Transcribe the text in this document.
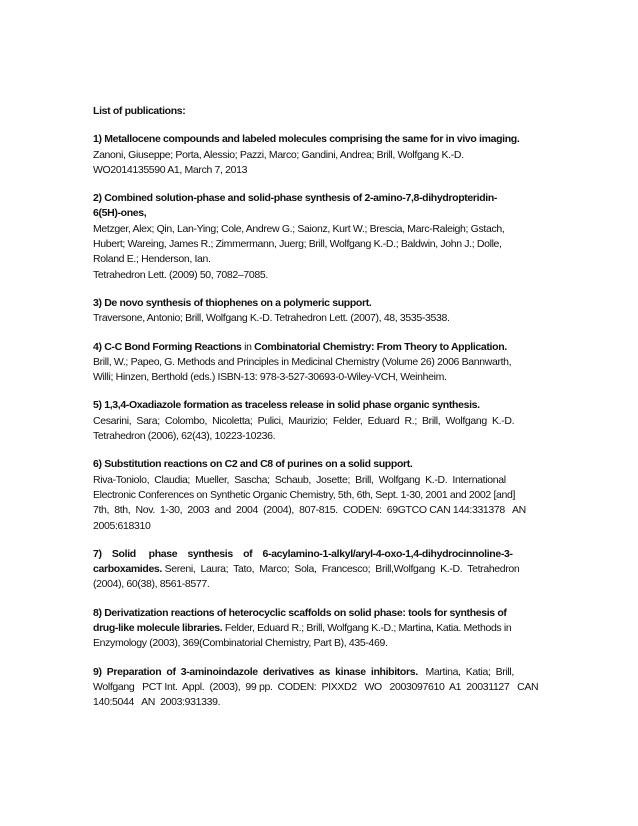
List of publications:
1) Metallocene compounds and labeled molecules comprising the same for in vivo imaging.
Zanoni, Giuseppe; Porta, Alessio; Pazzi, Marco; Gandini, Andrea; Brill, Wolfgang K.-D.
WO2014135590 A1, March 7, 2013
2) Combined solution-phase and solid-phase synthesis of 2-amino-7,8-dihydropteridin-
6(5H)-ones,
Metzger, Alex; Qin, Lan-Ying; Cole, Andrew G.; Saionz, Kurt W.; Brescia, Marc-Raleigh; Gstach,
Hubert; Wareing, James R.; Zimmermann, Juerg; Brill, Wolfgang K.-D.; Baldwin, John J.; Dolle,
Roland E.; Henderson, Ian.
Tetrahedron Lett. (2009) 50, 7082–7085.
3) De novo synthesis of thiophenes on a polymeric support.
Traversone, Antonio; Brill, Wolfgang K.-D. Tetrahedron Lett. (2007), 48, 3535-3538.
4) C-C Bond Forming Reactions in Combinatorial Chemistry: From Theory to Application.
Brill, W.; Papeo, G. Methods and Principles in Medicinal Chemistry (Volume 26) 2006 Bannwarth,
Willi; Hinzen, Berthold (eds.) ISBN-13: 978-3-527-30693-0-Wiley-VCH, Weinheim.
5) 1,3,4-Oxadiazole formation as traceless release in solid phase organic synthesis.
Cesarini,  Sara;  Colombo,  Nicoletta;  Pulici,  Maurizio;  Felder,  Eduard  R.;  Brill,  Wolfgang  K.-D.
Tetrahedron (2006), 62(43), 10223-10236.
6) Substitution reactions on C2 and C8 of purines on a solid support.
Riva-Toniolo,  Claudia;  Mueller,  Sascha;  Schaub,  Josette;  Brill,  Wolfgang  K.-D.  International
Electronic Conferences on Synthetic Organic Chemistry, 5th, 6th, Sept. 1-30, 2001 and 2002 [and]
7th,  8th,  Nov.  1-30,  2003  and  2004  (2004),  807-815.  CODEN:  69GTCO CAN 144:331378   AN
2005:618310
7)    Solid     phase    synthesis    of    6-acylamino-1-alkyl/aryl-4-oxo-1,4-dihydrocinnoline-3-
carboxamides. Sereni,  Laura;  Tato,  Marco;  Sola,  Francesco;  Brill,Wolfgang  K.-D.  Tetrahedron
(2004), 60(38), 8561-8577.
8) Derivatization reactions of heterocyclic scaffolds on solid phase: tools for synthesis of
drug-like molecule libraries. Felder, Eduard R.; Brill, Wolfgang K.-D.; Martina, Katia. Methods in
Enzymology (2003), 369(Combinatorial Chemistry, Part B), 435-469.
9)  Preparation  of  3-aminoindazole  derivatives  as  kinase  inhibitors.   Martina,  Katia;  Brill,
Wolfgang   PCT Int.  Appl.  (2003),  99 pp.  CODEN:  PIXXD2   WO   2003097610  A1  20031127   CAN
140:5044   AN  2003:931339.
